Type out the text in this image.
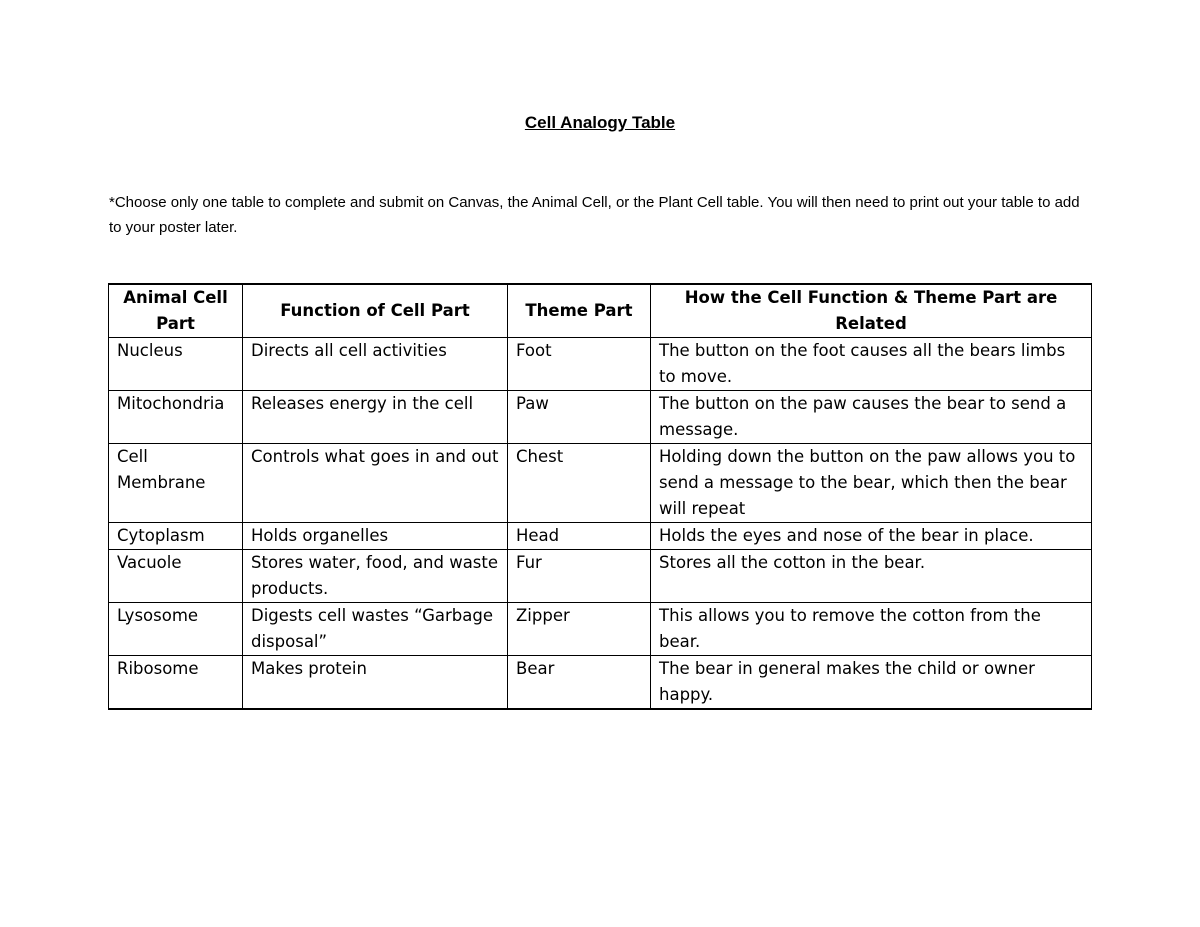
Cell Analogy Table

*Choose only one table to complete and submit on Canvas, the Animal Cell, or the Plant Cell table. You will then need to print out your table to add to your poster later.

Animal Cell Part	Function of Cell Part	Theme Part	How the Cell Function & Theme Part are Related
Nucleus	Directs all cell activities	Foot	The button on the foot causes all the bears limbs to move.
Mitochondria	Releases energy in the cell	Paw	The button on the paw causes the bear to send a message.
Cell Membrane	Controls what goes in and out	Chest	Holding down the button on the paw allows you to send a message to the bear, which then the bear will repeat
Cytoplasm	Holds organelles	Head	Holds the eyes and nose of the bear in place.
Vacuole	Stores water, food, and waste products.	Fur	Stores all the cotton in the bear.
Lysosome	Digests cell wastes “Garbage disposal”	Zipper	This allows you to remove the cotton from the bear.
Ribosome	Makes protein	Bear	The bear in general makes the child or owner happy.
